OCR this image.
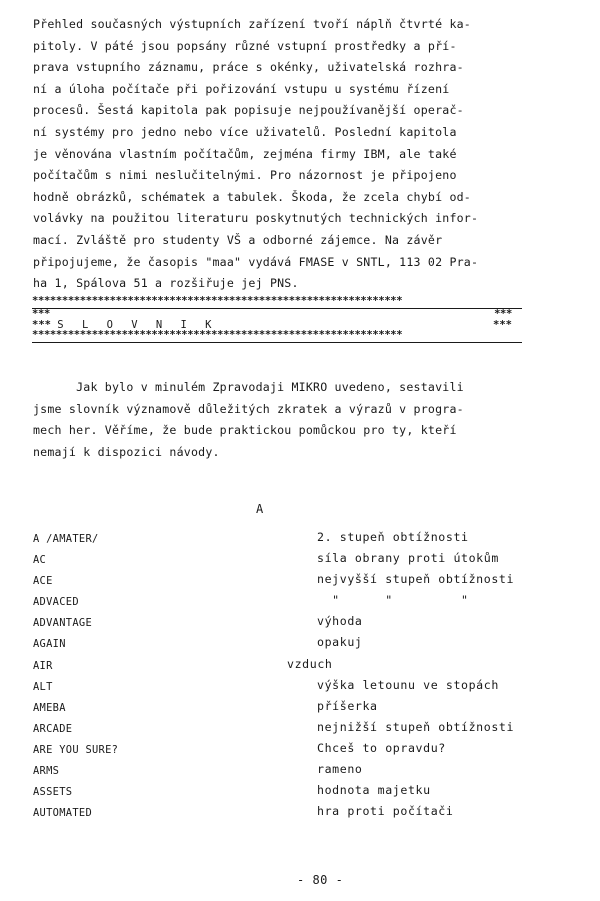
Přehled současných výstupních zařízení tvoří náplň čtvrté ka-
pitoly. V páté jsou popsány různé vstupní prostředky a pří-
prava vstupního záznamu, práce s okénky, uživatelská rozhra-
ní a úloha počítače při pořizování vstupu u systému řízení
procesů. Šestá kapitola pak popisuje nejpoužívanější operač-
ní systémy pro jedno nebo více uživatelů. Poslední kapitola
je věnována vlastním počítačům, zejména firmy IBM, ale také
počítačům s nimi neslučitelnými. Pro názornost je připojeno
hodně obrázků, schématek a tabulek. Škoda, že zcela chybí od-
volávky na použitou literaturu poskytnutých technických infor-
mací. Zvláště pro studenty VŠ a odborné zájemce. Na závěr
připojujeme, že časopis "maa" vydává FMASE v SNTL, 113 02 Pra-
ha 1, Spálova 51 a rozšiřuje jej PNS.
**************************************************************
***	***
*** S L O V N I K	***
**************************************************************
Jak bylo v minulém Zpravodaji MIKRO uvedeno, sestavili
jsme slovník významově důležitých zkratek a výrazů v progra-
mech her. Věříme, že bude praktickou pomůckou pro ty, kteří
nemají k dispozici návody.
A
A /AMATER/	2. stupeň obtížnosti
AC	síla obrany proti útokům
ACE	nejvyšší stupeň obtížnosti
ADVACED	"      "         "
ADVANTAGE	výhoda
AGAIN	opakuj
AIR	vzduch
ALT	výška letounu ve stopách
AMEBA	příšerka
ARCADE	nejnižší stupeň obtížnosti
ARE YOU SURE?	Chceš to opravdu?
ARMS	rameno
ASSETS	hodnota majetku
AUTOMATED	hra proti počítači
- 80 -
